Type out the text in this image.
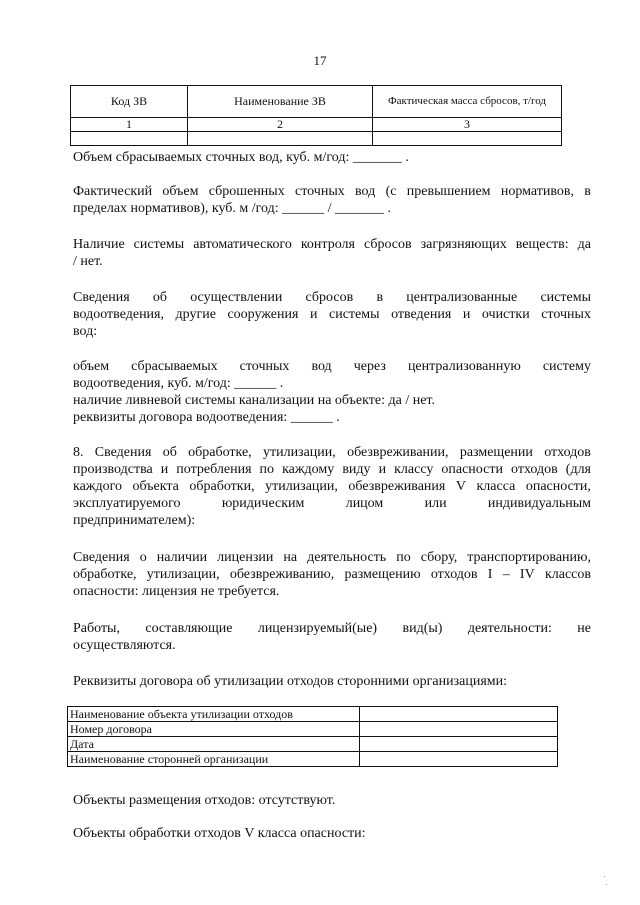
17
Код ЗВ	Наименование ЗВ	Фактическая масса сбросов, т/год
1	2	3

Объем сбрасываемых сточных вод, куб. м/год: _______ .
Фактический объем сброшенных сточных вод (с превышением нормативов, в
пределах нормативов), куб. м /год: ______ / _______ .
Наличие системы автоматического контроля сбросов загрязняющих веществ: да
/ нет.
Сведения об осуществлении сбросов в централизованные системы
водоотведения, другие сооружения и системы отведения и очистки сточных
вод:
объем сбрасываемых сточных вод через централизованную систему
водоотведения, куб. м/год: ______ .
наличие ливневой системы канализации на объекте: да / нет.
реквизиты договора водоотведения: ______ .
8. Сведения об обработке, утилизации, обезвреживании, размещении отходов
производства и потребления по каждому виду и классу опасности отходов (для
каждого объекта обработки, утилизации, обезвреживания V класса опасности,
эксплуатируемого	юридическим	лицом	или	индивидуальным
предпринимателем):
Сведения о наличии лицензии на деятельность по сбору, транспортированию,
обработке, утилизации, обезвреживанию, размещению отходов I – IV классов
опасности: лицензия не требуется.
Работы, составляющие лицензируемый(ые) вид(ы) деятельности: не
осуществляются.
Реквизиты договора об утилизации отходов сторонними организациями:
Наименование объекта утилизации отходов	
Номер договора	
Дата	
Наименование сторонней организации	
Объекты размещения отходов: отсутствуют.
Объекты обработки отходов V класса опасности:
